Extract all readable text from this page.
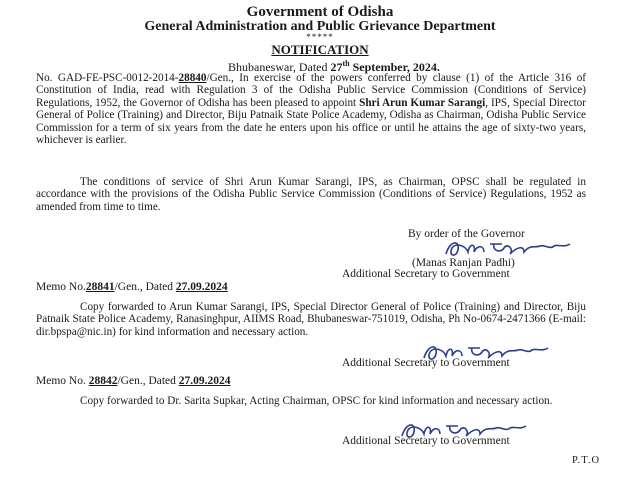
Government of Odisha
General Administration and Public Grievance Department
*****
NOTIFICATION
Bhubaneswar, Dated 27th September, 2024.
No. GAD-FE-PSC-0012-2014-28840/Gen., In exercise of the powers conferred by clause (1) of the Article 316 of Constitution of India, read with Regulation 3 of the Odisha Public Service Commission (Conditions of Service) Regulations, 1952, the Governor of Odisha has been pleased to appoint Shri Arun Kumar Sarangi, IPS, Special Director General of Police (Training) and Director, Biju Patnaik State Police Academy, Odisha as Chairman, Odisha Public Service Commission for a term of six years from the date he enters upon his office or until he attains the age of sixty-two years, whichever is earlier.
The conditions of service of Shri Arun Kumar Sarangi, IPS, as Chairman, OPSC shall be regulated in accordance with the provisions of the Odisha Public Service Commission (Conditions of Service) Regulations, 1952 as amended from time to time.
By order of the Governor
(Manas Ranjan Padhi)
Additional Secretary to Government
Memo No.28841/Gen., Dated 27.09.2024
Copy forwarded to Arun Kumar Sarangi, IPS, Special Director General of Police (Training) and Director, Biju Patnaik State Police Academy, Ranasinghpur, AIIMS Road, Bhubaneswar-751019, Odisha, Ph No-0674-2471366 (E-mail: dir.bpspa@nic.in) for kind information and necessary action.
Additional Secretary to Government
Memo No. 28842/Gen., Dated 27.09.2024
Copy forwarded to Dr. Sarita Supkar, Acting Chairman, OPSC for kind information and necessary action.
Additional Secretary to Government
P.T.O
